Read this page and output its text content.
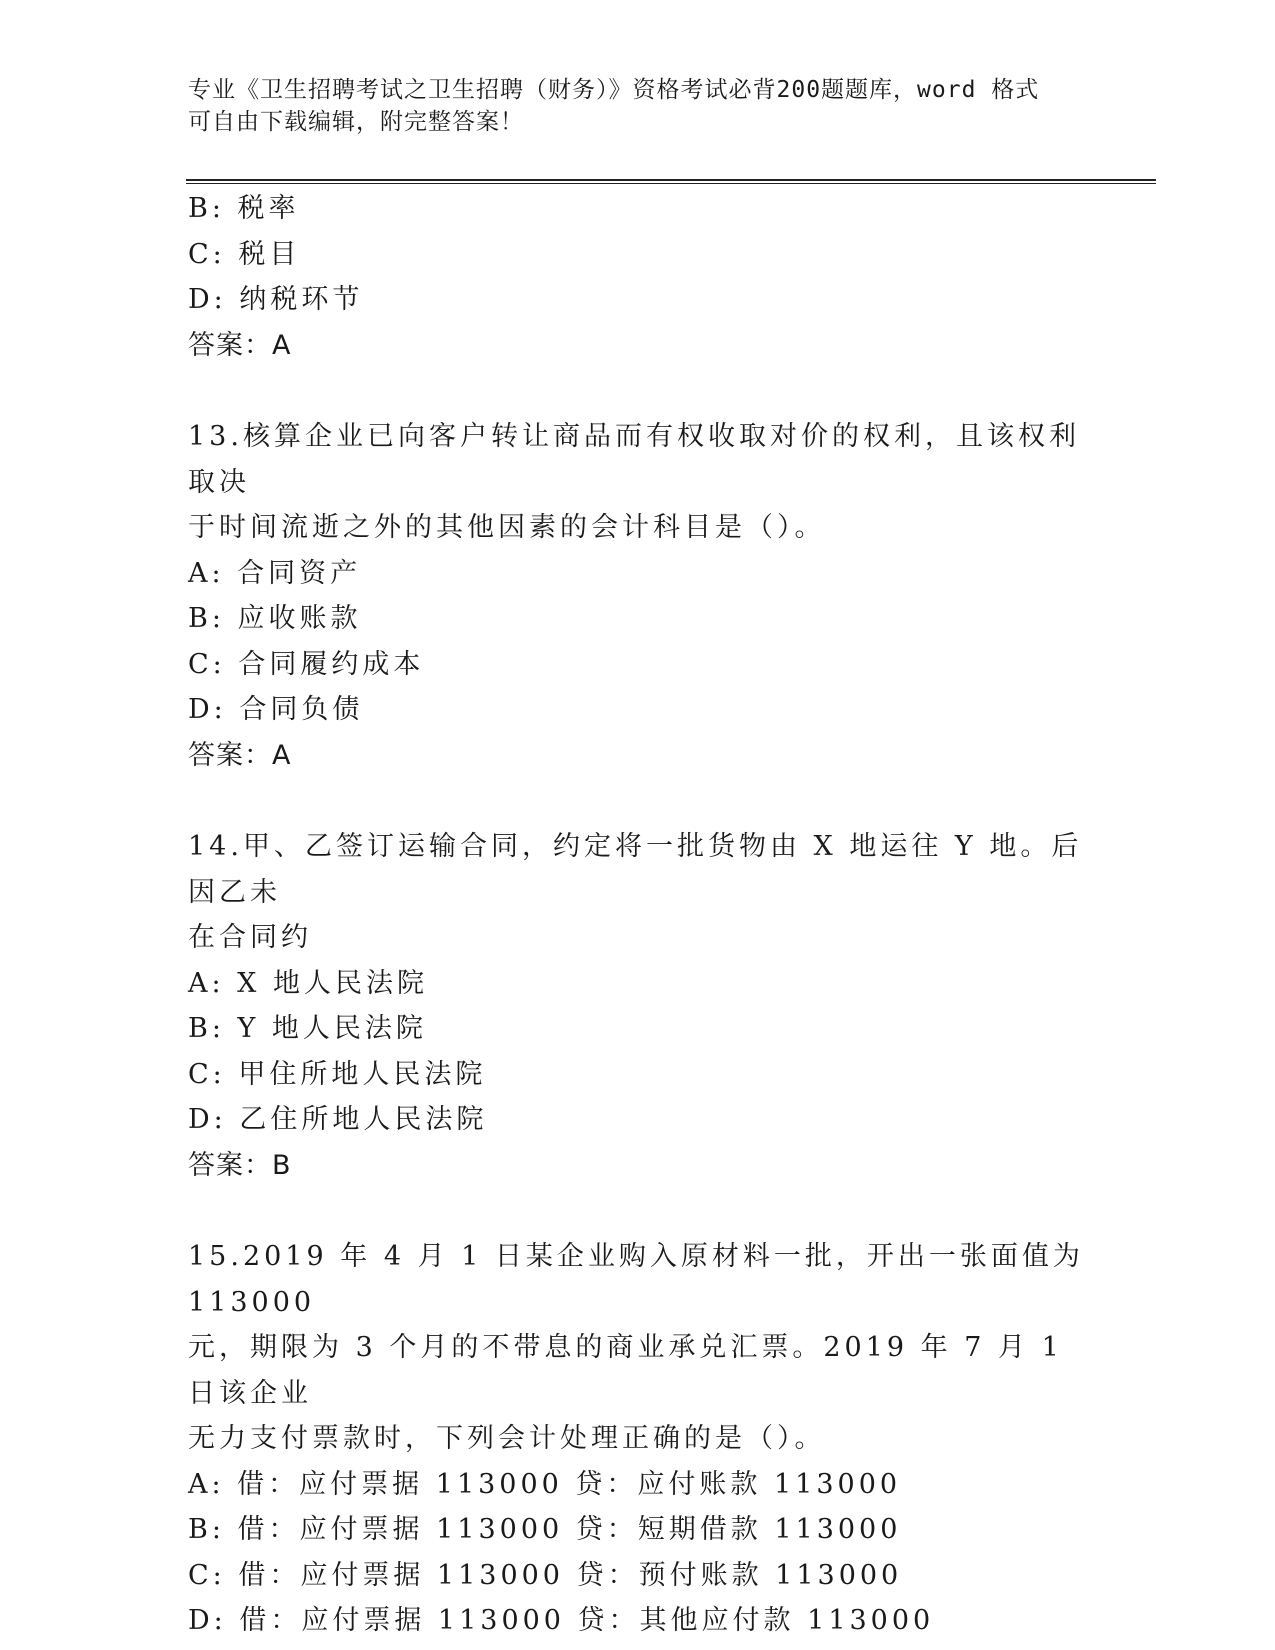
专业《卫生招聘考试之卫生招聘（财务）》资格考试必背200题题库，word 格式
可自由下载编辑，附完整答案！
B: 税率
C: 税目
D: 纳税环节
答案：A
13.核算企业已向客户转让商品而有权收取对价的权利，且该权利取决
于时间流逝之外的其他因素的会计科目是（）。
A: 合同资产
B: 应收账款
C: 合同履约成本
D: 合同负债
答案：A
14.甲、乙签订运输合同，约定将一批货物由 X 地运往 Y 地。后因乙未
在合同约
A: X 地人民法院
B: Y 地人民法院
C: 甲住所地人民法院
D: 乙住所地人民法院
答案：B
15.2019 年 4 月 1 日某企业购入原材料一批，开出一张面值为 113000
元，期限为 3 个月的不带息的商业承兑汇票。2019 年 7 月 1 日该企业
无力支付票款时，下列会计处理正确的是（）。
A: 借：应付票据 113000 贷：应付账款 113000
B: 借：应付票据 113000 贷：短期借款 113000
C: 借：应付票据 113000 贷：预付账款 113000
D: 借：应付票据 113000 贷：其他应付款 113000
